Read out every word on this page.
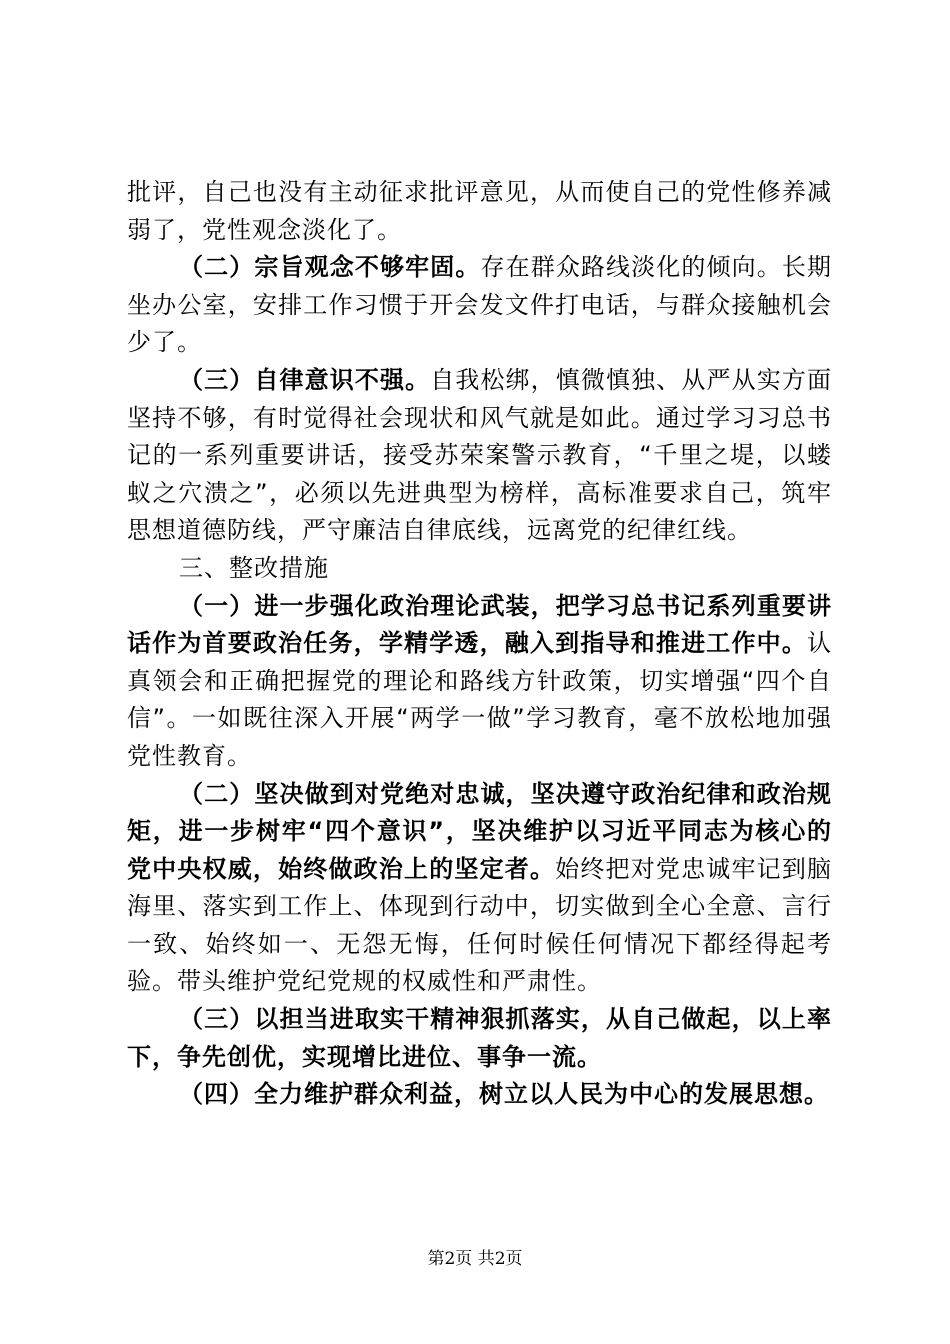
批评，自己也没有主动征求批评意见，从而使自己的党性修养减弱了，党性观念淡化了。

（二）宗旨观念不够牢固。存在群众路线淡化的倾向。长期坐办公室，安排工作习惯于开会发文件打电话，与群众接触机会少了。

（三）自律意识不强。自我松绑，慎微慎独、从严从实方面坚持不够，有时觉得社会现状和风气就是如此。通过学习习总书记的一系列重要讲话，接受苏荣案警示教育，“千里之堤，以蝼蚁之穴溃之”，必须以先进典型为榜样，高标准要求自己，筑牢思想道德防线，严守廉洁自律底线，远离党的纪律红线。

三、整改措施

（一）进一步强化政治理论武装，把学习总书记系列重要讲话作为首要政治任务，学精学透，融入到指导和推进工作中。认真领会和正确把握党的理论和路线方针政策，切实增强“四个自信”。一如既往深入开展“两学一做”学习教育，毫不放松地加强党性教育。

（二）坚决做到对党绝对忠诚，坚决遵守政治纪律和政治规矩，进一步树牢“四个意识”，坚决维护以习近平同志为核心的党中央权威，始终做政治上的坚定者。始终把对党忠诚牢记到脑海里、落实到工作上、体现到行动中，切实做到全心全意、言行一致、始终如一、无怨无悔，任何时候任何情况下都经得起考验。带头维护党纪党规的权威性和严肃性。

（三）以担当进取实干精神狠抓落实，从自己做起，以上率下，争先创优，实现增比进位、事争一流。

（四）全力维护群众利益，树立以人民为中心的发展思想。

第2页 共2页
